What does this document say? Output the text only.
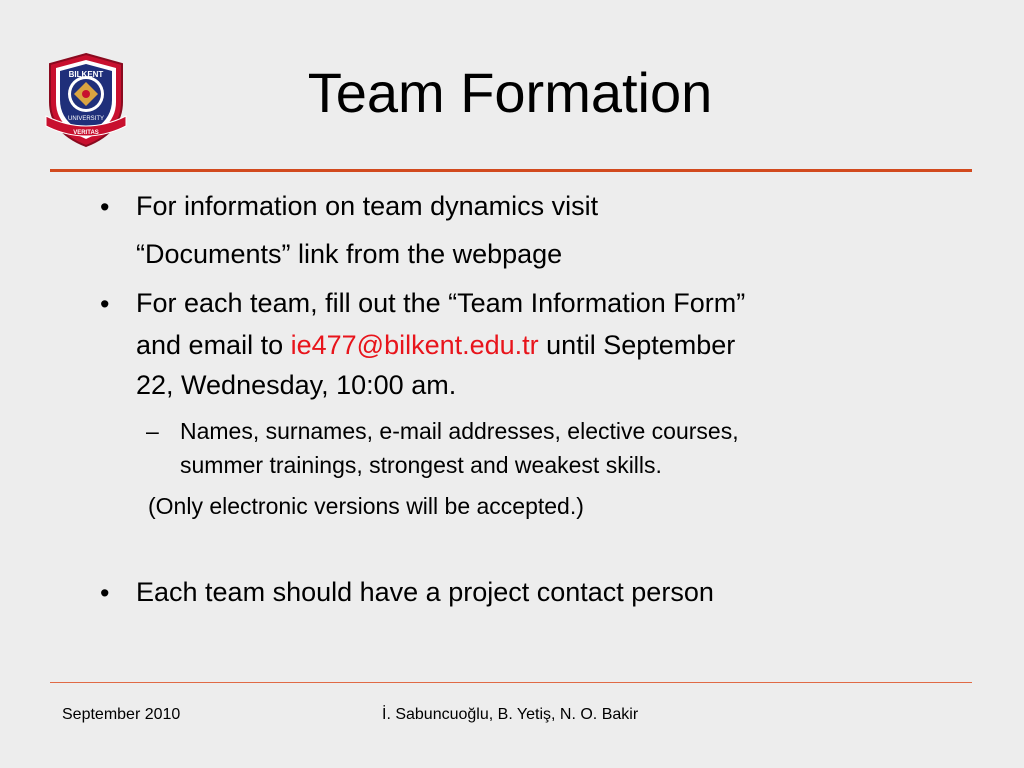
BILKENT
UNIVERSITY
VERITAS
Team Formation
• For information on team dynamics visit
“Documents” link from the webpage
• For each team, fill out the “Team Information Form”
and email to ie477@bilkent.edu.tr until September
22, Wednesday, 10:00 am.
– Names, surnames, e-mail addresses, elective courses,
summer trainings, strongest and weakest skills.
(Only electronic versions will be accepted.)
• Each team should have a project contact person
September 2010	İ. Sabuncuoğlu, B. Yetiş, N. O. Bakir
